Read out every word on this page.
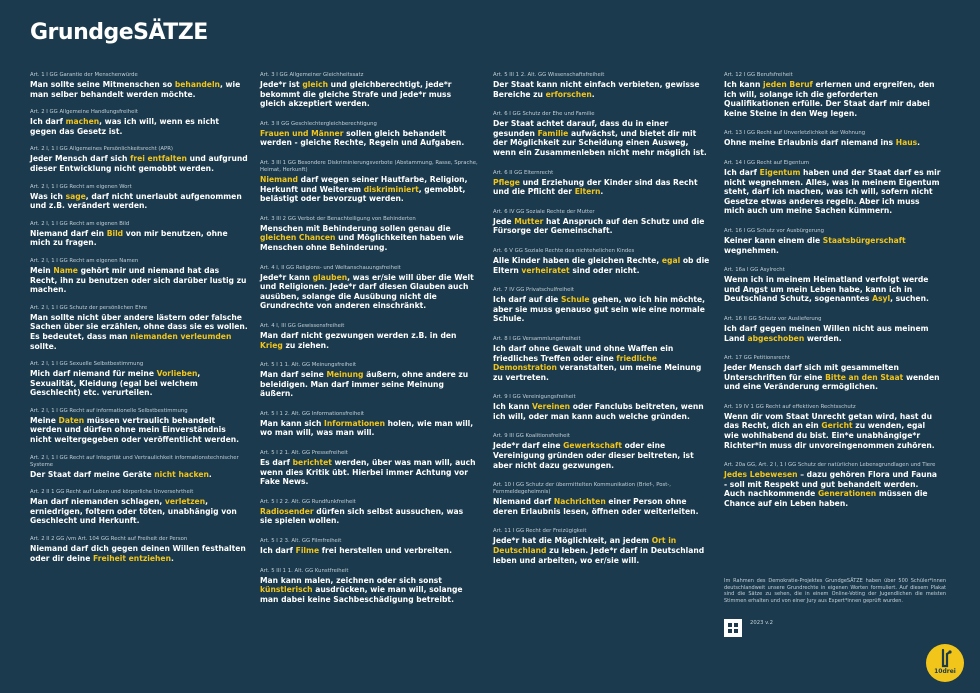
GrundgeSÄTZE
Art. 1 I GG Garantie der Menschenwürde
Man sollte seine Mitmenschen so behandeln, wie man selber behandelt werden möchte.
Art. 2 I GG Allgemeine Handlungsfreiheit
Ich darf machen, was ich will, wenn es nicht gegen das Gesetz ist.
Art. 2 I, 1 I GG Allgemeines Persönlichkeitsrecht (APR)
Jeder Mensch darf sich frei entfalten und aufgrund dieser Entwicklung nicht gemobbt werden.
Art. 2 I, 1 I GG Recht am eigenen Wort
Was ich sage, darf nicht unerlaubt aufgenommen und z.B. verändert werden.
Art. 2 I, 1 I GG Recht am eigenen Bild
Niemand darf ein Bild von mir benutzen, ohne mich zu fragen.
Art. 2 I, 1 I GG Recht am eigenen Namen
Mein Name gehört mir und niemand hat das Recht, ihn zu benutzen oder sich darüber lustig zu machen.
Art. 2 I, 1 I GG Schutz der persönlichen Ehre
Man sollte nicht über andere lästern oder falsche Sachen über sie erzählen, ohne dass sie es wollen. Es bedeutet, dass man niemanden verleumden sollte.
Art. 2 I, 1 I GG Sexuelle Selbstbestimmung
Mich darf niemand für meine Vorlieben, Sexualität, Kleidung (egal bei welchem Geschlecht) etc. verurteilen.
Art. 2 I, 1 I GG Recht auf informationelle Selbstbestimmung
Meine Daten müssen vertraulich behandelt werden und dürfen ohne mein Einverständnis nicht weitergegeben oder veröffentlicht werden.
Art. 2 I, 1 I GG Recht auf Integrität und Vertraulichkeit informationstechnischer Systeme
Der Staat darf meine Geräte nicht hacken.
Art. 2 II 1 GG Recht auf Leben und körperliche Unversehrtheit
Man darf niemanden schlagen, verletzen, erniedrigen, foltern oder töten, unabhängig von Geschlecht und Herkunft.
Art. 2 II 2 GG /vm Art. 104 GG Recht auf Freiheit der Person
Niemand darf dich gegen deinen Willen festhalten oder dir deine Freiheit entziehen.
Art. 3 I GG Allgemeiner Gleichheitssatz
Jede*r ist gleich und gleichberechtigt, jede*r bekommt die gleiche Strafe und jede*r muss gleich akzeptiert werden.
Art. 3 II GG Geschlechtergleichberechtigung
Frauen und Männer sollen gleich behandelt werden - gleiche Rechte, Regeln und Aufgaben.
Art. 3 III 1 GG Besondere Diskriminierungsverbote (Abstammung, Rasse, Sprache, Heimat, Herkunft)
Niemand darf wegen seiner Hautfarbe, Religion, Herkunft und Weiterem diskriminiert, gemobbt, belästigt oder bevorzugt werden.
Art. 3 III 2 GG Verbot der Benachteiligung von Behinderten
Menschen mit Behinderung sollen genau die gleichen Chancen und Möglichkeiten haben wie Menschen ohne Behinderung.
Art. 4 I, II GG Religions- und Weltanschauungsfreiheit
Jede*r kann glauben, was er/sie will über die Welt und Religionen. Jede*r darf diesen Glauben auch ausüben, solange die Ausübung nicht die Grundrechte von anderen einschränkt.
Art. 4 I, III GG Gewissensfreiheit
Man darf nicht gezwungen werden z.B. in den Krieg zu ziehen.
Art. 5 I 1 1. Alt. GG Meinungsfreiheit
Man darf seine Meinung äußern, ohne andere zu beleidigen. Man darf immer seine Meinung äußern.
Art. 5 I 1 2. Alt. GG Informationsfreiheit
Man kann sich Informationen holen, wie man will, wo man will, was man will.
Art. 5 I 2 1. Alt. GG Pressefreiheit
Es darf berichtet werden, über was man will, auch wenn dies Kritik übt. Hierbei immer Achtung vor Fake News.
Art. 5 I 2 2. Alt. GG Rundfunkfreiheit
Radiosender dürfen sich selbst aussuchen, was sie spielen wollen.
Art. 5 I 2 3. Alt. GG Filmfreiheit
Ich darf Filme frei herstellen und verbreiten.
Art. 5 III 1 1. Alt. GG Kunstfreiheit
Man kann malen, zeichnen oder sich sonst künstlerisch ausdrücken, wie man will, solange man dabei keine Sachbeschädigung betreibt.
Art. 5 III 1 2. Alt. GG Wissenschaftsfreiheit
Der Staat kann nicht einfach verbieten, gewisse Bereiche zu erforschen.
Art. 6 I GG Schutz der Ehe und Familie
Der Staat achtet darauf, dass du in einer gesunden Familie aufwächst, und bietet dir mit der Möglichkeit zur Scheidung einen Ausweg, wenn ein Zusammenleben nicht mehr möglich ist.
Art. 6 II GG Elternrecht
Pflege und Erziehung der Kinder sind das Recht und die Pflicht der Eltern.
Art. 6 IV GG Soziale Rechte der Mutter
Jede Mutter hat Anspruch auf den Schutz und die Fürsorge der Gemeinschaft.
Art. 6 V GG Soziale Rechte des nichtehelichen Kindes
Alle Kinder haben die gleichen Rechte, egal ob die Eltern verheiratet sind oder nicht.
Art. 7 IV GG Privatschulfreiheit
Ich darf auf die Schule gehen, wo ich hin möchte, aber sie muss genauso gut sein wie eine normale Schule.
Art. 8 I GG Versammlungsfreiheit
Ich darf ohne Gewalt und ohne Waffen ein friedliches Treffen oder eine friedliche Demonstration veranstalten, um meine Meinung zu vertreten.
Art. 9 I GG Vereinigungsfreiheit
Ich kann Vereinen oder Fanclubs beitreten, wenn ich will, oder man kann auch welche gründen.
Art. 9 III GG Koalitionsfreiheit
Jede*r darf eine Gewerkschaft oder eine Vereinigung gründen oder dieser beitreten, ist aber nicht dazu gezwungen.
Art. 10 I GG Schutz der übermittelten Kommunikation (Brief-, Post-, Fernmeldegeheimnis)
Niemand darf Nachrichten einer Person ohne deren Erlaubnis lesen, öffnen oder weiterleiten.
Art. 11 I GG Recht der Freizügigkeit
Jede*r hat die Möglichkeit, an jedem Ort in Deutschland zu leben. Jede*r darf in Deutschland leben und arbeiten, wo er/sie will.
Art. 12 I GG Berufsfreiheit
Ich kann jeden Beruf erlernen und ergreifen, den ich will, solange ich die geforderten Qualifikationen erfülle. Der Staat darf mir dabei keine Steine in den Weg legen.
Art. 13 I GG Recht auf Unverletzlichkeit der Wohnung
Ohne meine Erlaubnis darf niemand ins Haus.
Art. 14 I GG Recht auf Eigentum
Ich darf Eigentum haben und der Staat darf es mir nicht wegnehmen. Alles, was in meinem Eigentum steht, darf ich machen, was ich will, sofern nicht Gesetze etwas anderes regeln. Aber ich muss mich auch um meine Sachen kümmern.
Art. 16 I GG Schutz vor Ausbürgerung
Keiner kann einem die Staatsbürgerschaft wegnehmen.
Art. 16a I GG Asylrecht
Wenn ich in meinem Heimatland verfolgt werde und Angst um mein Leben habe, kann ich in Deutschland Schutz, sogenanntes Asyl, suchen.
Art. 16 II GG Schutz vor Auslieferung
Ich darf gegen meinen Willen nicht aus meinem Land abgeschoben werden.
Art. 17 GG Petitionsrecht
Jeder Mensch darf sich mit gesammelten Unterschriften für eine Bitte an den Staat wenden und eine Veränderung ermöglichen.
Art. 19 IV 1 GG Recht auf effektiven Rechtsschutz
Wenn dir vom Staat Unrecht getan wird, hast du das Recht, dich an ein Gericht zu wenden, egal wie wohlhabend du bist. Ein*e unabhängige*r Richter*in muss dir unvoreingenommen zuhören.
Art. 20a GG, Art. 2 I, 1 I GG Schutz der natürlichen Lebensgrundlagen und Tiere
Jedes Lebewesen – dazu gehören Flora und Fauna - soll mit Respekt und gut behandelt werden. Auch nachkommende Generationen müssen die Chance auf ein Leben haben.
Im Rahmen des Demokratie-Projektes GrundgeSÄTZE haben über 500 Schüler*innen deutschlandweit unsere Grundrechte in eigenen Worten formuliert. Auf diesem Plakat sind die Sätze zu sehen, die in einem Online-Voting der Jugendlichen die meisten Stimmen erhalten und von einer Jury aus Expert*innen geprüft wurden.
2023 v.2
10drei
